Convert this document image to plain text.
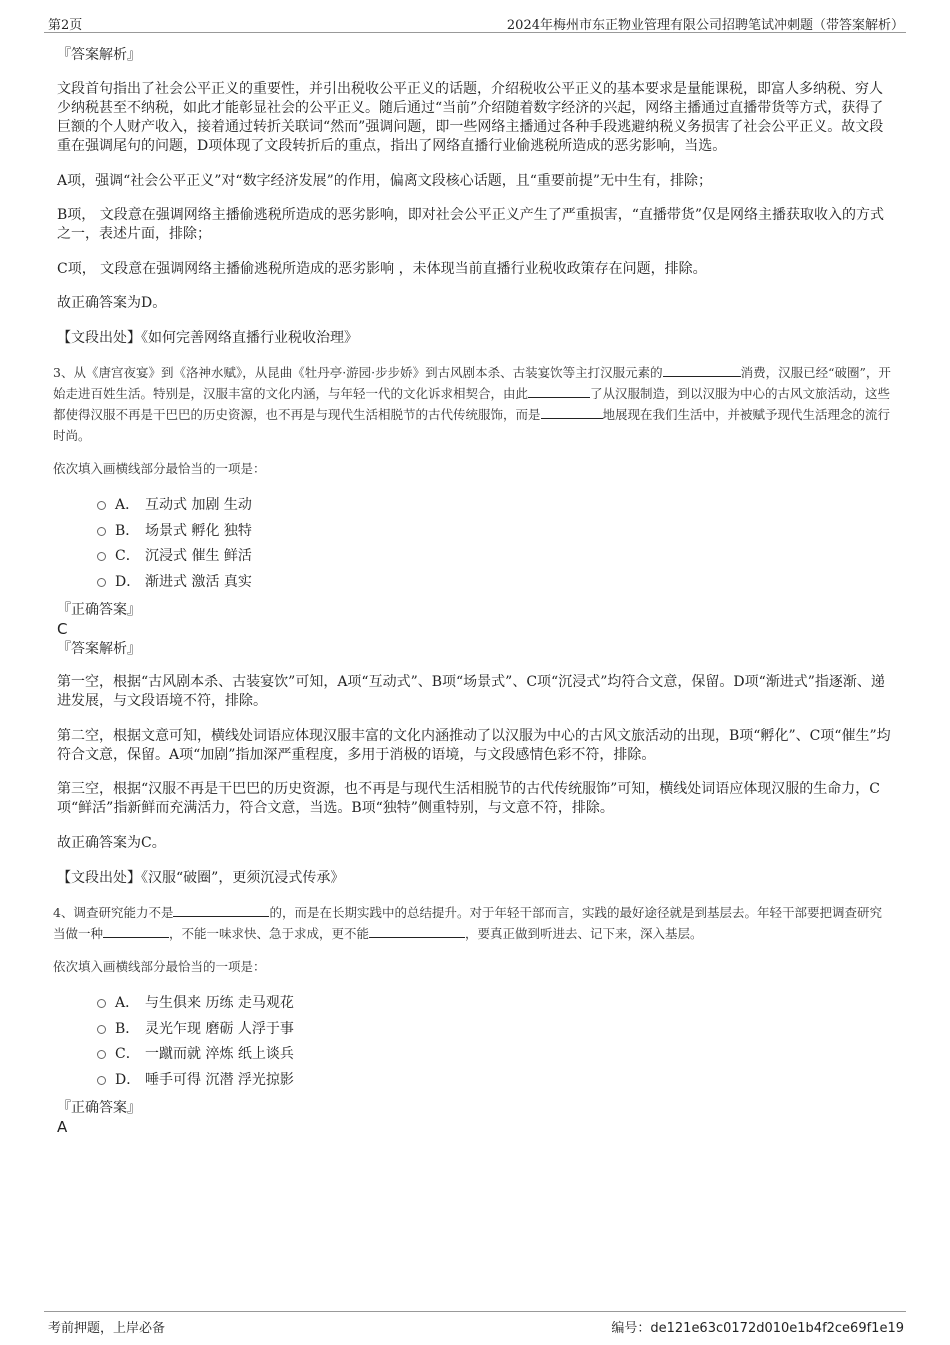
第2页	2024年梅州市东正物业管理有限公司招聘笔试冲刺题（带答案解析）

『答案解析』

文段首句指出了社会公平正义的重要性，并引出税收公平正义的话题，介绍税收公平正义的基本要求是量能课税，即富人多纳税、穷人少纳税甚至不纳税，如此才能彰显社会的公平正义。随后通过“当前”介绍随着数字经济的兴起，网络主播通过直播带货等方式，获得了巨额的个人财产收入，接着通过转折关联词“然而”强调问题，即一些网络主播通过各种手段逃避纳税义务损害了社会公平正义。故文段重在强调尾句的问题，D项体现了文段转折后的重点，指出了网络直播行业偷逃税所造成的恶劣影响，当选。

A项，强调“社会公平正义”对“数字经济发展”的作用，偏离文段核心话题，且“重要前提”无中生有，排除；

B项， 文段意在强调网络主播偷逃税所造成的恶劣影响，即对社会公平正义产生了严重损害，“直播带货”仅是网络主播获取收入的方式之一，表述片面，排除；

C项， 文段意在强调网络主播偷逃税所造成的恶劣影响 ，未体现当前直播行业税收政策存在问题，排除。

故正确答案为D。

【文段出处】《如何完善网络直播行业税收治理》

3、从《唐宫夜宴》到《洛神水赋》，从昆曲《牡丹亭·游园·步步娇》到古风剧本杀、古装宴饮等主打汉服元素的	消费，汉服已经“破圈”，开始走进百姓生活。特别是，汉服丰富的文化内涵，与年轻一代的文化诉求相契合，由此	了从汉服制造，到以汉服为中心的古风文旅活动，这些都使得汉服不再是干巴巴的历史资源，也不再是与现代生活相脱节的古代传统服饰，而是	地展现在我们生活中，并被赋予现代生活理念的流行时尚。

依次填入画横线部分最恰当的一项是：

A． 互动式 加剧 生动
B． 场景式 孵化 独特
C． 沉浸式 催生 鲜活
D． 渐进式 激活 真实

『正确答案』

C

『答案解析』

第一空，根据“古风剧本杀、古装宴饮”可知，A项“互动式”、B项“场景式”、C项“沉浸式”均符合文意，保留。D项“渐进式”指逐渐、递进发展，与文段语境不符，排除。

第二空，根据文意可知，横线处词语应体现汉服丰富的文化内涵推动了以汉服为中心的古风文旅活动的出现，B项“孵化”、C项“催生”均符合文意，保留。A项“加剧”指加深严重程度，多用于消极的语境，与文段感情色彩不符，排除。

第三空，根据“汉服不再是干巴巴的历史资源，也不再是与现代生活相脱节的古代传统服饰”可知，横线处词语应体现汉服的生命力，C项“鲜活”指新鲜而充满活力，符合文意，当选。B项“独特”侧重特别，与文意不符，排除。

故正确答案为C。

【文段出处】《汉服“破圈”，更须沉浸式传承》

4、调查研究能力不是	的，而是在长期实践中的总结提升。对于年轻干部而言，实践的最好途径就是到基层去。年轻干部要把调查研究当做一种	，不能一味求快、急于求成，更不能	，要真正做到听进去、记下来，深入基层。

依次填入画横线部分最恰当的一项是：

A． 与生俱来 历练 走马观花
B． 灵光乍现 磨砺 人浮于事
C． 一蹴而就 淬炼 纸上谈兵
D． 唾手可得 沉潜 浮光掠影

『正确答案』

A

考前押题，上岸必备	编号：de121e63c0172d010e1b4f2ce69f1e19
